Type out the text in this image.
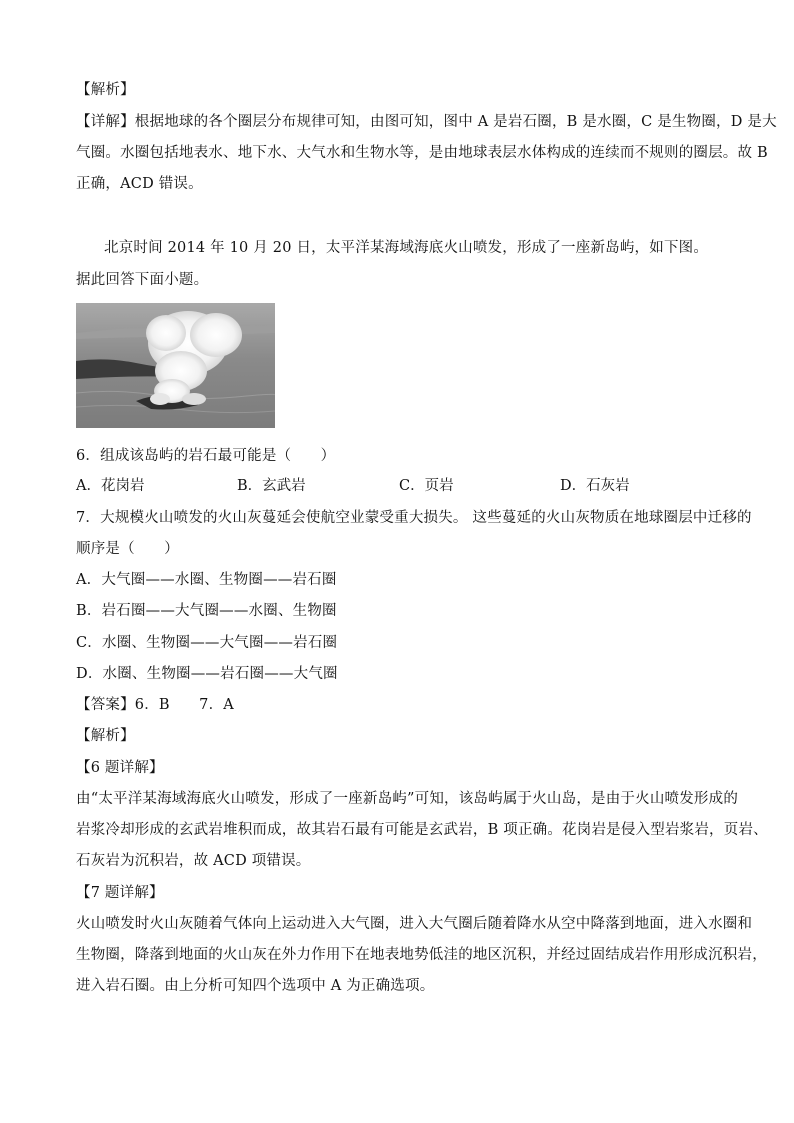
【解析】
【详解】根据地球的各个圈层分布规律可知，由图可知，图中 A 是岩石圈，B 是水圈，C 是生物圈，D 是大
气圈。水圈包括地表水、地下水、大气水和生物水等，是由地球表层水体构成的连续而不规则的圈层。故 B
正确，ACD 错误。
北京时间 2014 年 10 月 20 日，太平洋某海域海底火山喷发，形成了一座新岛屿，如下图。
据此回答下面小题。
6．组成该岛屿的岩石最可能是（　　）
A．花岗岩	B．玄武岩	C．页岩	D．石灰岩
7．大规模火山喷发的火山灰蔓延会使航空业蒙受重大损失。 这些蔓延的火山灰物质在地球圈层中迁移的
顺序是（　　）
A．大气圈——水圈、生物圈——岩石圈
B．岩石圈——大气圈——水圈、生物圈
C．水圈、生物圈——大气圈——岩石圈
D．水圈、生物圈——岩石圈——大气圈
【答案】6．B　　7．A
【解析】
【6 题详解】
由“太平洋某海域海底火山喷发，形成了一座新岛屿”可知，该岛屿属于火山岛，是由于火山喷发形成的
岩浆冷却形成的玄武岩堆积而成，故其岩石最有可能是玄武岩，B 项正确。花岗岩是侵入型岩浆岩，页岩、
石灰岩为沉积岩，故 ACD 项错误。
【7 题详解】
火山喷发时火山灰随着气体向上运动进入大气圈，进入大气圈后随着降水从空中降落到地面，进入水圈和
生物圈，降落到地面的火山灰在外力作用下在地表地势低洼的地区沉积，并经过固结成岩作用形成沉积岩，
进入岩石圈。由上分析可知四个选项中 A 为正确选项。
